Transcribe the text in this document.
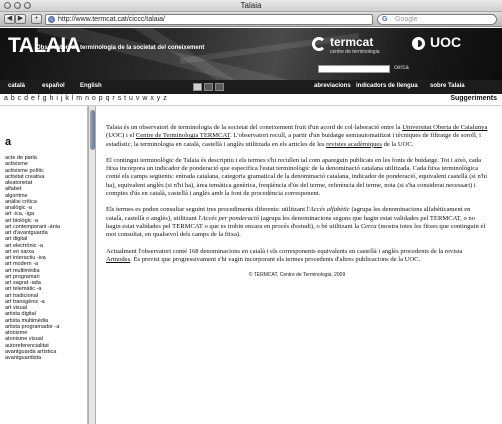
Talaia
◀ ▶	+	http://www.termcat.cat/ciccc/talaia/	G Google
TALAIA
Observatori de terminologia de la societat del coneixement	termcat
centre de terminologia
UOC
cerca
català	español	English	abreviacions indicadors de llengua sobre Talaia
a b c d e f g h i j k l m n o p q r s t u v w x y z	Suggeriments
a
acte de parla
activisme
activisme polític
activitat creativa
aleatorietat
alfabet
algoritme
anàlisi crítica
analògic -a
art -ica, -iga
art biològic -a
art contemporani -ània
art d'avantguarda
art digital
art electrònic -a
art en xarxa
art interactiu -iva
art modern -a
art multimèdia
art programari
art sagrat -ada
art telemàtic -a
art tradicional
art transgènic -a
art visual
artista digital
artista multimèdia
artista programador -a
atonisme
atonisme visual
autoreferencialitat
avantguarda artística
avantguardista

Talaia és un observatori de terminologia de la societat del coneixement fruit d'un acord de col·laboració entre la Universitat Oberta de Catalunya (UOC) i el Centre de Terminologia TERMCAT. L'observatori recull, a partir d'un buidatge semiautomatitzat i tècniques de filtratge de soroll, i estadístic, la terminologia en català, castellà i anglès utilitzada en els articles de les revistes acadèmiques de la UOC.

El contingut terminològic de Talaia és descriptiu i els termes s'hi recullen tal com apareguin publicats en les fonts de buidatge. Tot i això, cada fitxa incorpora un indicador de ponderació que especifica l'estat terminològic de la denominació catalana utilitzada. Cada fitxa terminològica conté els camps següents: entrada catalana, categoria gramatical de la denominació catalana, indicador de ponderació, equivalent castellà (si n'hi ha), equivalent anglès (si n'hi ha), àrea temàtica genèrica, freqüència d'ús del terme, referència del terme, nota (si s'ha considerat necessari) i comptes d'ús en català, castellà i anglès amb la font de procedència corresponent.

Els termes es poden consultar seguint tres procediments diferents: utilitzant l'Accés alfabètic (agrupa les denominacions alfabèticament en català, castellà o anglès), utilitzant l'Accés per ponderació (agrupa les denominacions segons que hagin estat validades pel TERMCAT, o no hagin estat validades pel TERMCAT o que es trobin encara en procés d'estudi), o bé utilitzant la Cerca (mostra totes les fitxes que continguin el mot consultat, en qualsevol dels camps de la fitxa).

Actualment l'observatori conté 168 denominacions en català i els corresponents equivalents en castellà i anglès procedents de la revista Artnodes. És previst que progressivament s'hi vagin incorporant els termes procedents d'altres publicacions de la UOC.

© TERMCAT, Centre de Terminologia, 2009
